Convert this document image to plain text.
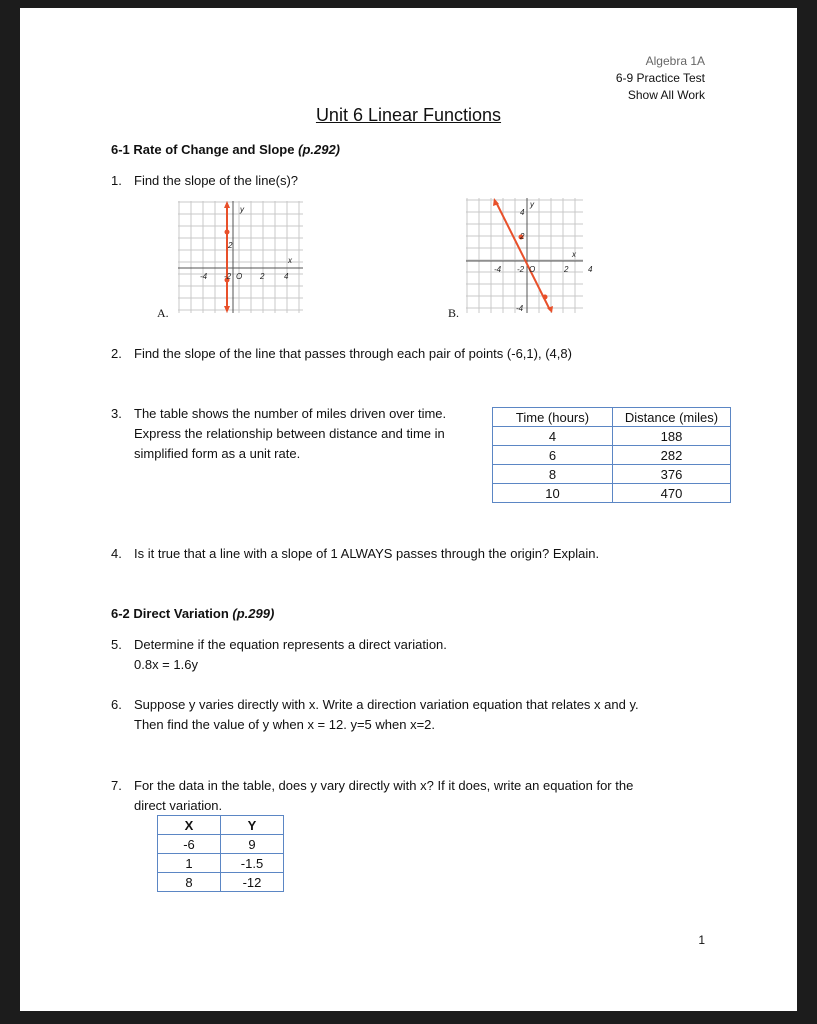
Algebra 1A
6-9 Practice Test
Show All Work
Unit 6 Linear Functions
6-1 Rate of Change and Slope (p.292)
1. Find the slope of the line(s)?
y
x
2
-4 -2 O 2 4
A.
y
x
4
2
-4
-4 -2 O	2 4
B.
2. Find the slope of the line that passes through each pair of points (-6,1), (4,8)
3. The table shows the number of miles driven over time.
Express the relationship between distance and time in
simplified form as a unit rate.
Time (hours)	Distance (miles)
4	188
6	282
8	376
10	470
4. Is it true that a line with a slope of 1 ALWAYS passes through the origin? Explain.
6-2 Direct Variation (p.299)
5. Determine if the equation represents a direct variation.
0.8x = 1.6y
6. Suppose y varies directly with x. Write a direction variation equation that relates x and y.
Then find the value of y when x = 12. y=5 when x=2.
7. For the data in the table, does y vary directly with x? If it does, write an equation for the
direct variation.
X	Y
-6	9
1	-1.5
8	-12
1
